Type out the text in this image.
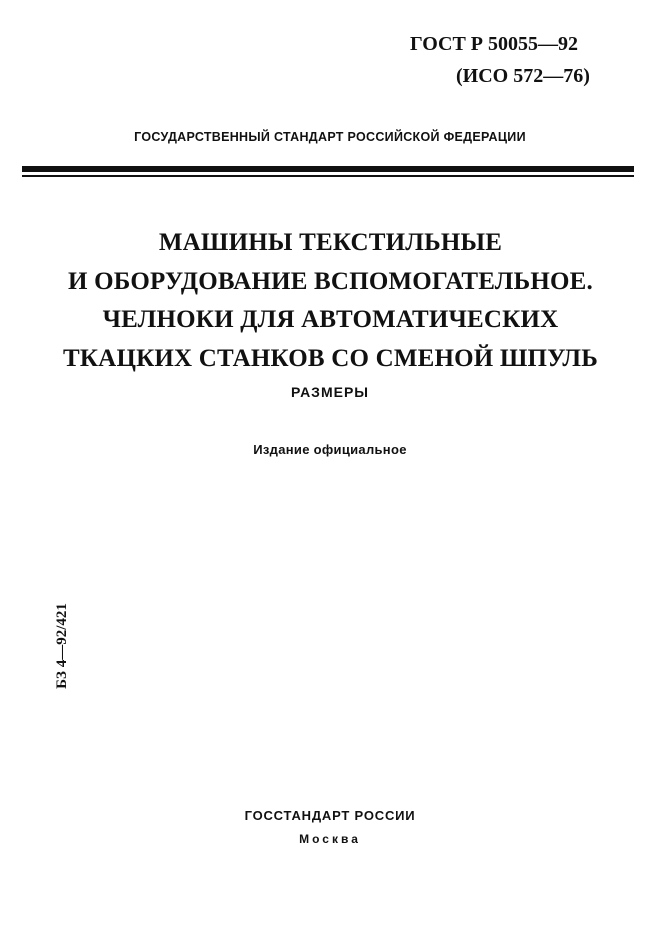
ГОСТ Р 50055—92
(ИСО 572—76)
ГОСУДАРСТВЕННЫЙ СТАНДАРТ РОССИЙСКОЙ ФЕДЕРАЦИИ
МАШИНЫ ТЕКСТИЛЬНЫЕ
И ОБОРУДОВАНИЕ ВСПОМОГАТЕЛЬНОЕ.
ЧЕЛНОКИ ДЛЯ АВТОМАТИЧЕСКИХ
ТКАЦКИХ СТАНКОВ СО СМЕНОЙ ШПУЛЬ
РАЗМЕРЫ
Издание официальное
БЗ 4—92/421
ГОССТАНДАРТ РОССИИ
Москва
